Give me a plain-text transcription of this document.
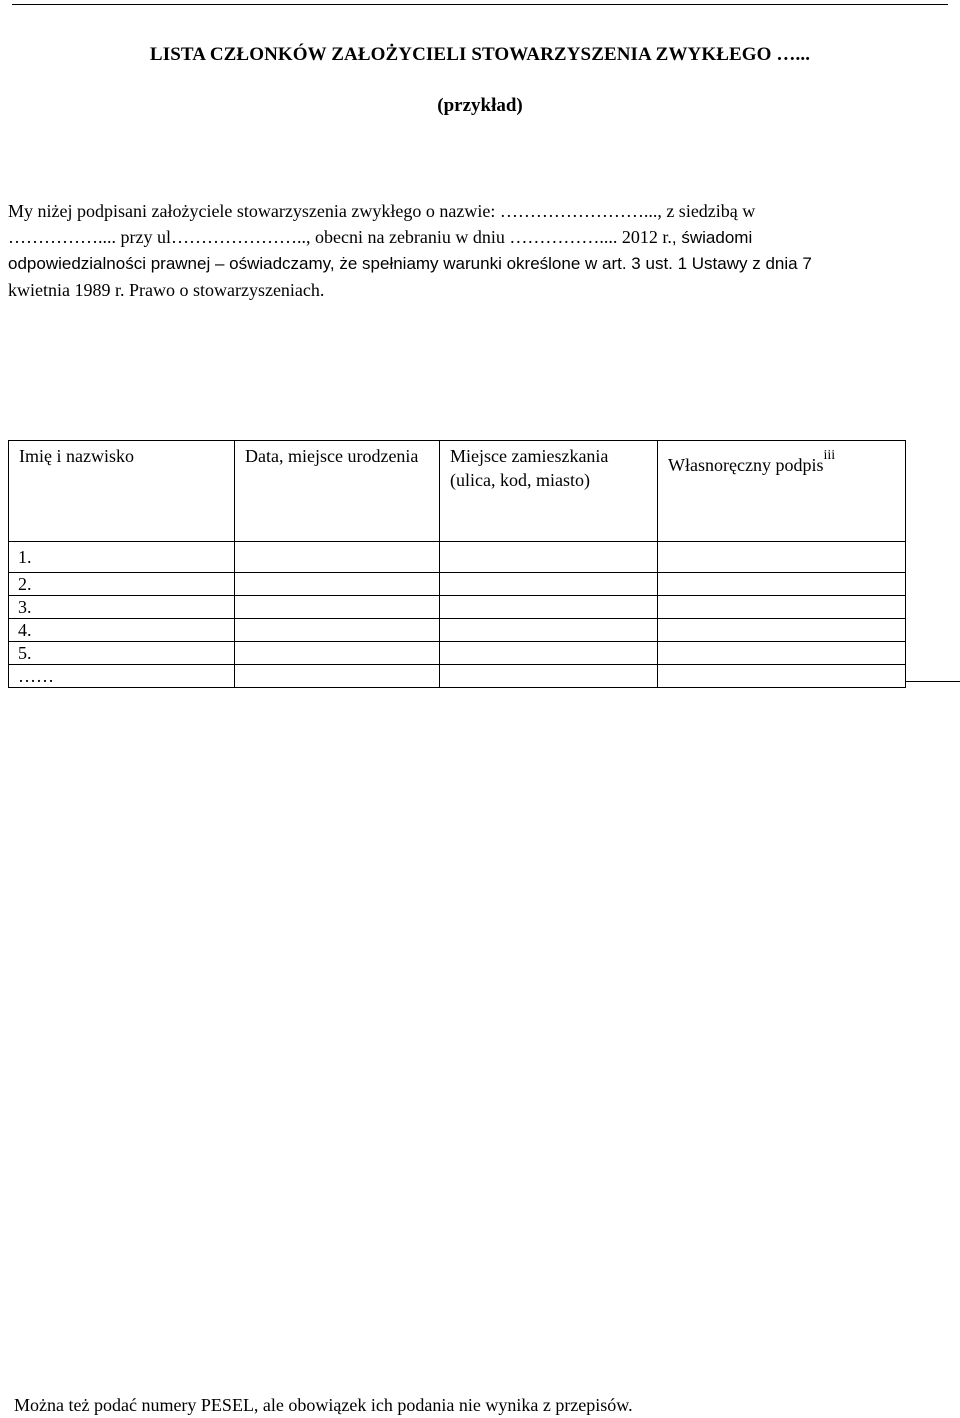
LISTA CZŁONKÓW ZAŁOŻYCIELI STOWARZYSZENIA ZWYKŁEGO …...
(przykład)
My niżej podpisani założyciele stowarzyszenia zwykłego o nazwie: ……………………..., z siedzibą w
…………….... przy ul………………….., obecni na zebraniu w dniu …………….... 2012 r., świadomi
odpowiedzialności prawnej – oświadczamy, że spełniamy warunki określone w art. 3 ust. 1 Ustawy z dnia 7
kwietnia 1989 r. Prawo o stowarzyszeniach.
Imię i nazwisko	Data, miejsce urodzenia	Miejsce zamieszkania (ulica, kod, miasto)	Własnoręczny podpis$^{iii}$
1.			
2.			
3.			
4.			
5.			
……			
Można też podać numery PESEL, ale obowiązek ich podania nie wynika z przepisów.
